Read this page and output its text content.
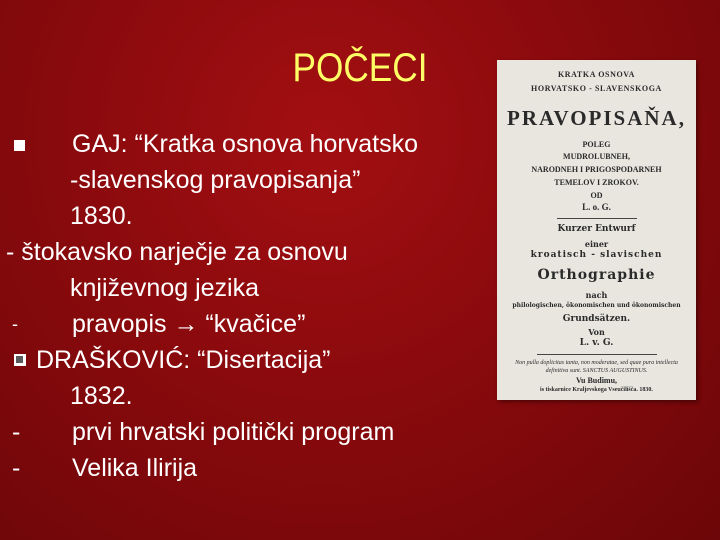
POČECI
GAJ: “Kratka osnova horvatsko
-slavenskog pravopisanja”
1830.
- štokavsko narječje za osnovu
književnog jezika
- pravopis → “kvačice”
DRAŠKOVIĆ: “Disertacija”
1832.
- prvi hrvatski politički program
- Velika Ilirija
KRATKA OSNOVA
HORVATSKO - SLAVENSKOGA
PRAVOPISAŇA,
POLEG
MUDROLUBNEH,
NARODNEH I PRIGOSPODARNEH
TEMELOV I ZROKOV.
OD
L. o. G.
Kurzer Entwurf
einer
kroatisch - slavischen
Orthographie
nach
philologischen, ökonomischen und ökonomischen
Grundsätzen.
Von
L. v. G.
Non pulla doplicitas tanta, non moderatae, sed quae pura intellecta
definitiva sunt. SANCTUS AUGUSTINUS.
Vu Budimu,
is tiskarnice Kraljevskoga Vseučilišča. 1830.
